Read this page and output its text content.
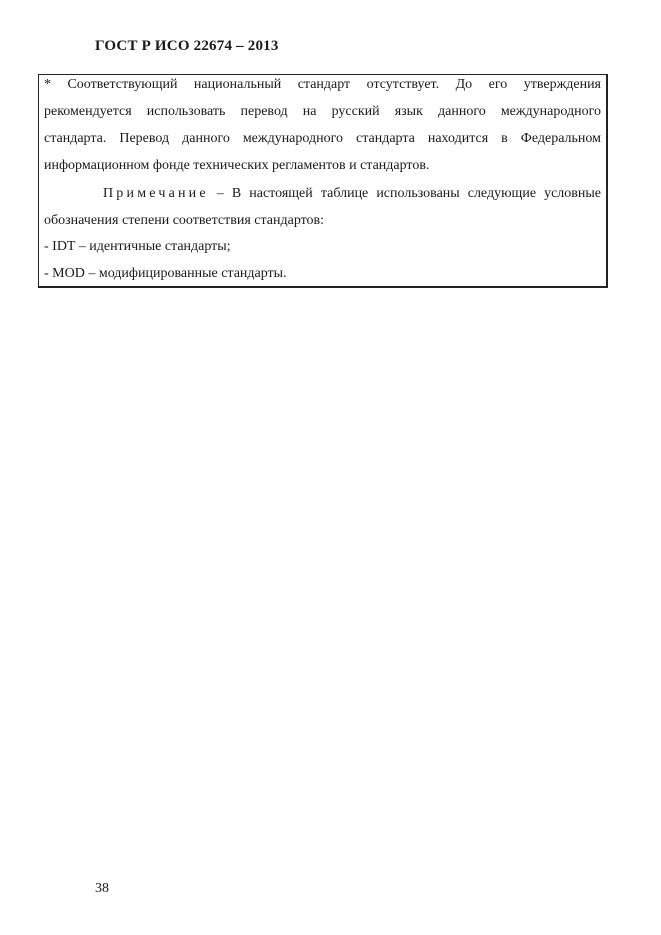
ГОСТ Р ИСО 22674 – 2013
* Соответствующий национальный стандарт отсутствует. До его утверждения
рекомендуется использовать перевод на русский язык данного международного
стандарта. Перевод данного международного стандарта находится в Федеральном
информационном фонде технических регламентов и стандартов.
Примечание – В настоящей таблице использованы следующие условные
обозначения степени соответствия стандартов:
- IDT – идентичные стандарты;
- MOD – модифицированные стандарты.
38
